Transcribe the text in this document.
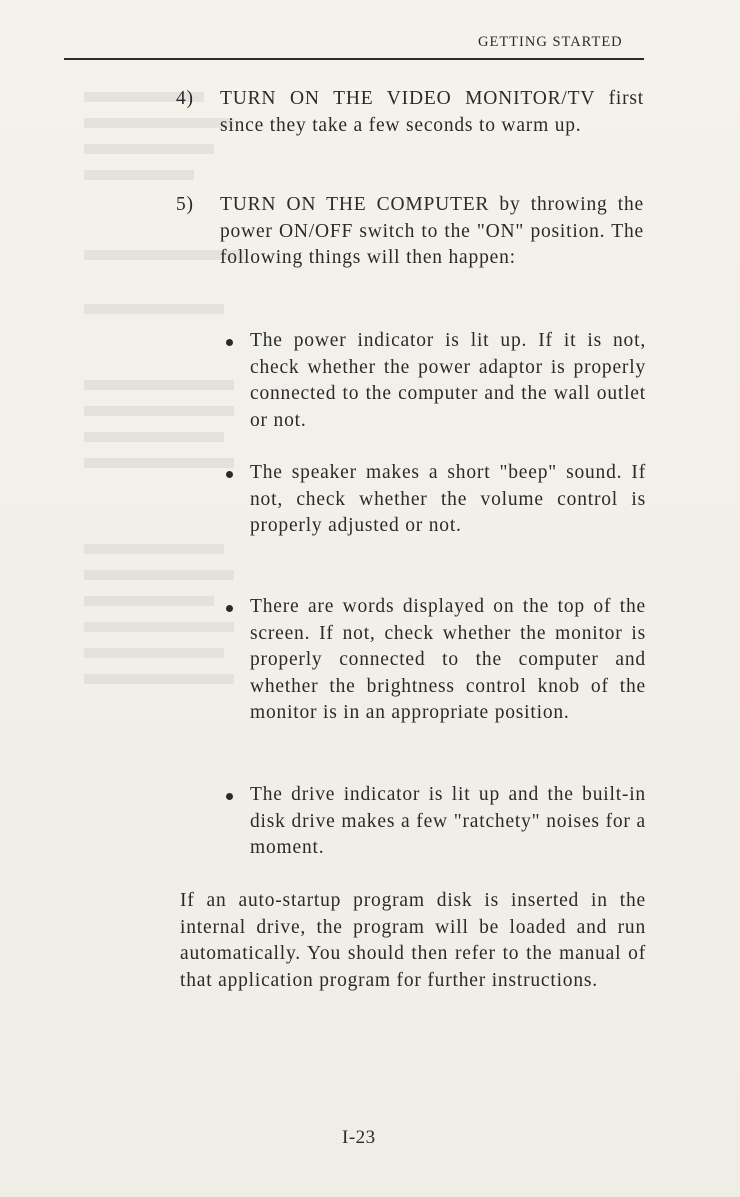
GETTING STARTED
4) TURN ON THE VIDEO MONITOR/TV first since they take a few seconds to warm up.
5) TURN ON THE COMPUTER by throwing the power ON/OFF switch to the "ON" position. The following things will then happen:
The power indicator is lit up. If it is not, check whether the power adaptor is properly connected to the computer and the wall outlet or not.
The speaker makes a short "beep" sound. If not, check whether the volume control is properly adjusted or not.
There are words displayed on the top of the screen. If not, check whether the monitor is properly connected to the computer and whether the brightness control knob of the monitor is in an appropriate position.
The drive indicator is lit up and the built-in disk drive makes a few "ratchety" noises for a moment.
If an auto-startup program disk is inserted in the internal drive, the program will be loaded and run automatically. You should then refer to the manual of that application program for further instructions.
I-23
